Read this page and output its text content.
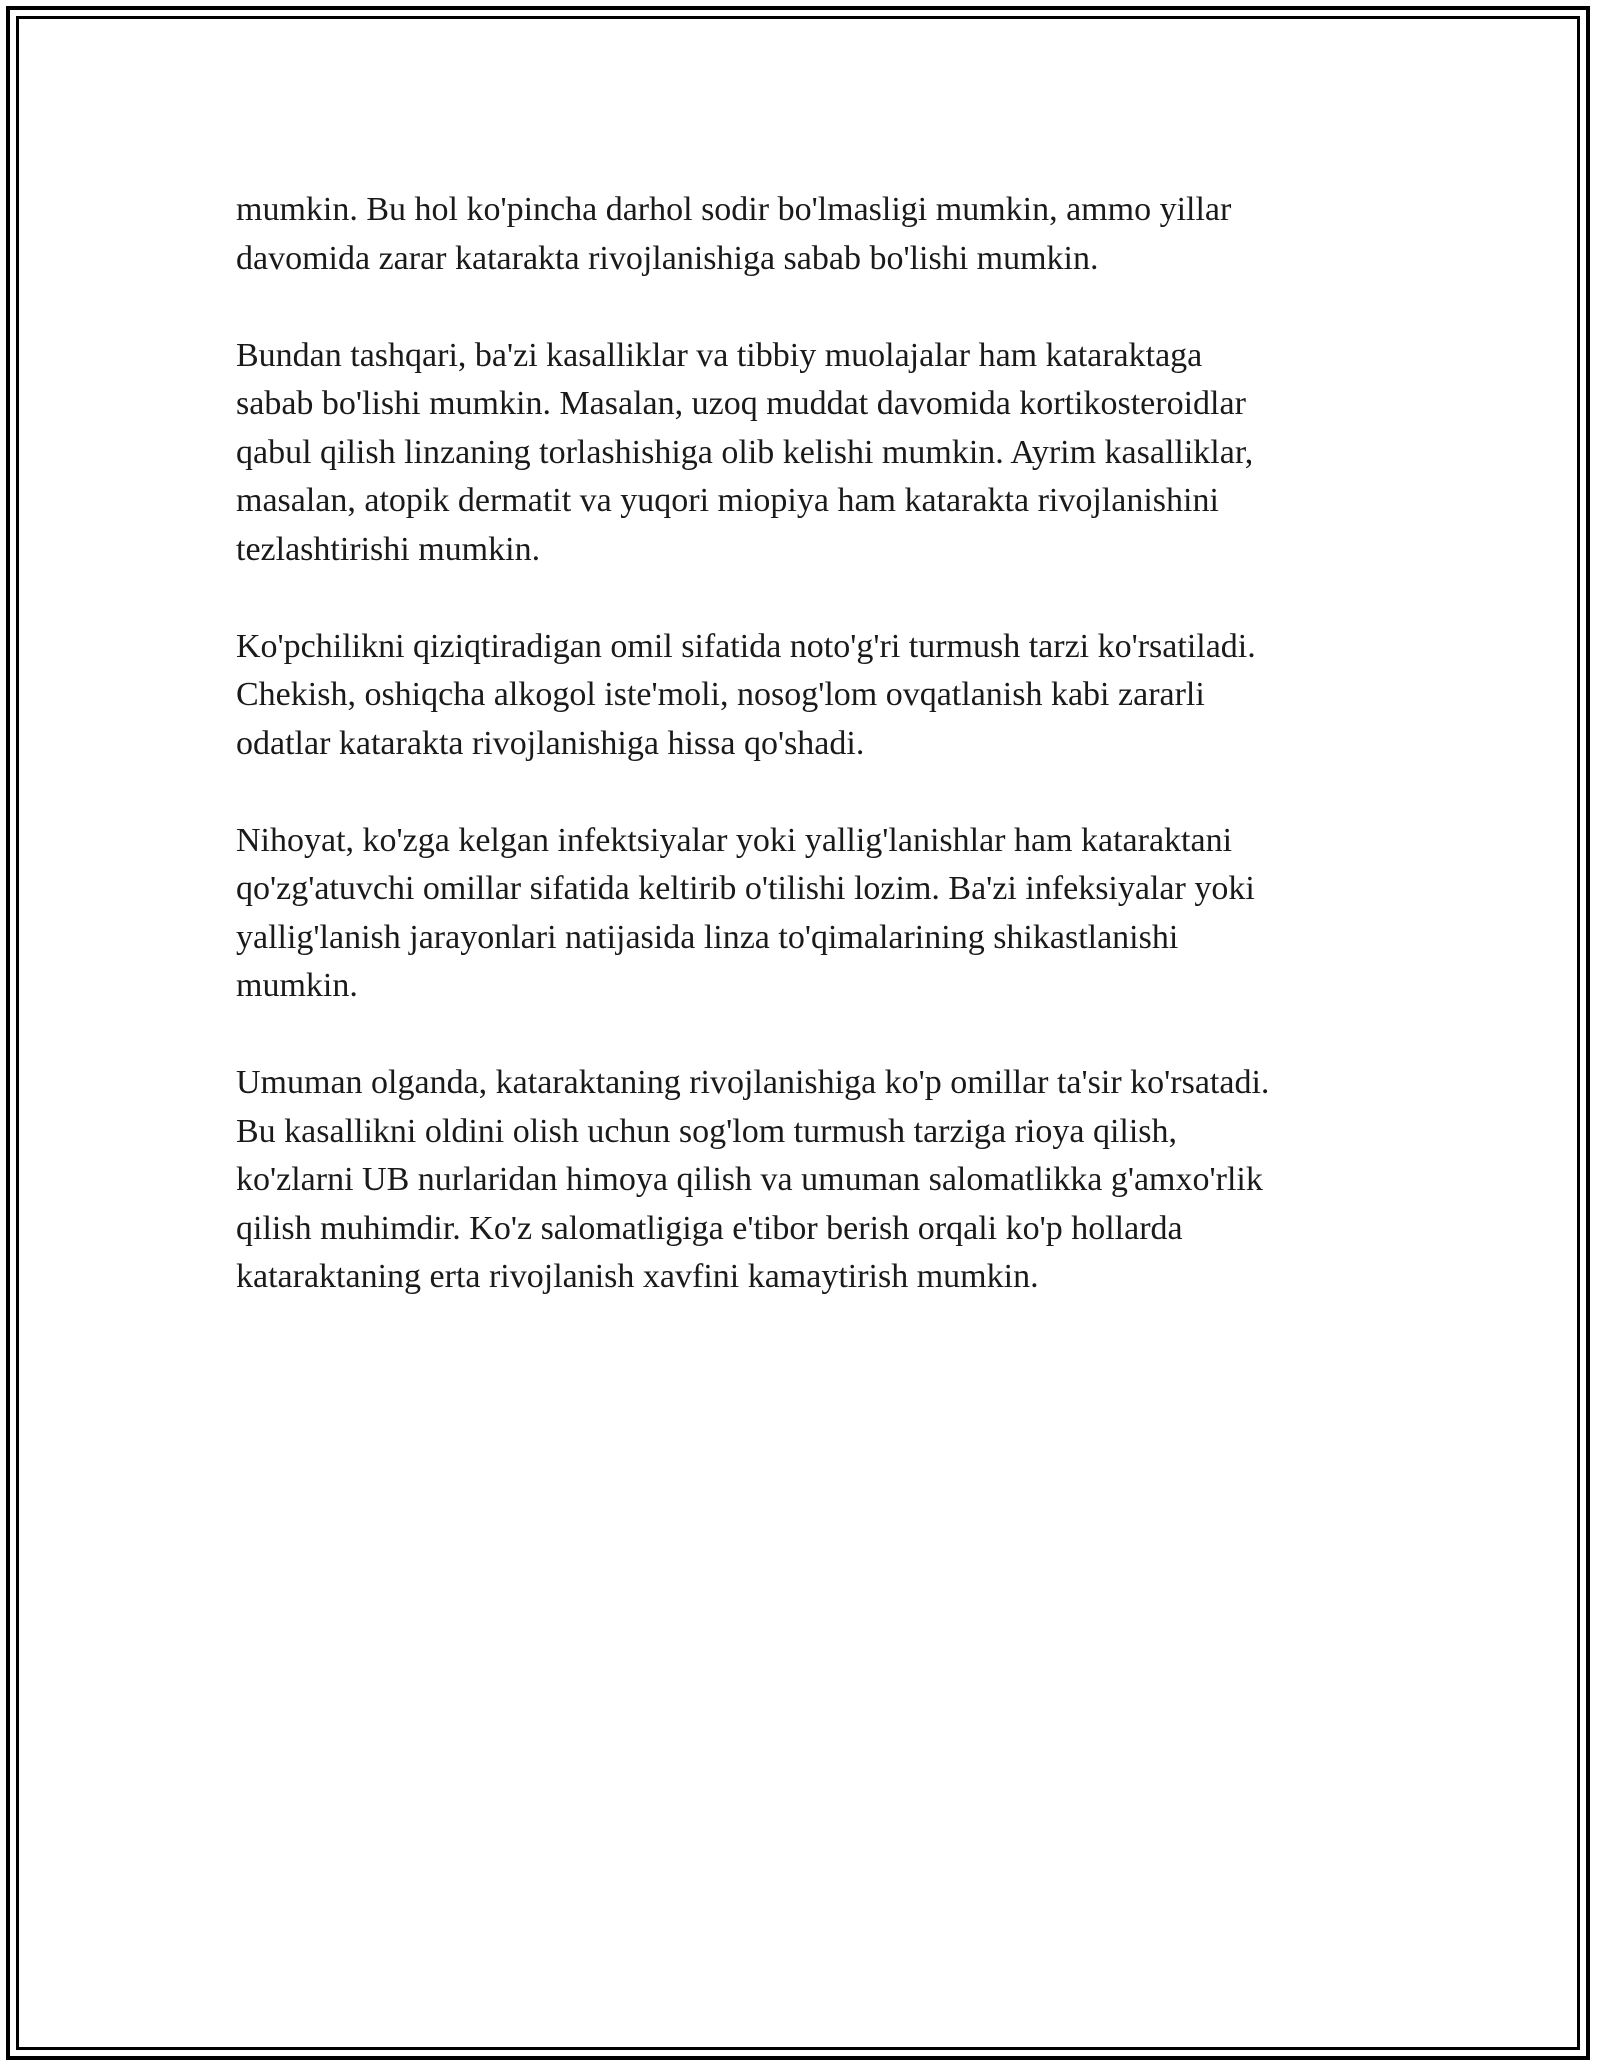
mumkin. Bu hol ko'pincha darhol sodir bo'lmasligi mumkin, ammo yillar
davomida zarar katarakta rivojlanishiga sabab bo'lishi mumkin.

Bundan tashqari, ba'zi kasalliklar va tibbiy muolajalar ham kataraktaga
sabab bo'lishi mumkin. Masalan, uzoq muddat davomida kortikosteroidlar
qabul qilish linzaning torlashishiga olib kelishi mumkin. Ayrim kasalliklar,
masalan, atopik dermatit va yuqori miopiya ham katarakta rivojlanishini
tezlashtirishi mumkin.

Ko'pchilikni qiziqtiradigan omil sifatida noto'g'ri turmush tarzi ko'rsatiladi.
Chekish, oshiqcha alkogol iste'moli, nosog'lom ovqatlanish kabi zararli
odatlar katarakta rivojlanishiga hissa qo'shadi.

Nihoyat, ko'zga kelgan infektsiyalar yoki yallig'lanishlar ham kataraktani
qo'zg'atuvchi omillar sifatida keltirib o'tilishi lozim. Ba'zi infeksiyalar yoki
yallig'lanish jarayonlari natijasida linza to'qimalarining shikastlanishi
mumkin.

Umuman olganda, kataraktaning rivojlanishiga ko'p omillar ta'sir ko'rsatadi.
Bu kasallikni oldini olish uchun sog'lom turmush tarziga rioya qilish,
ko'zlarni UB nurlaridan himoya qilish va umuman salomatlikka g'amxo'rlik
qilish muhimdir. Ko'z salomatligiga e'tibor berish orqali ko'p hollarda
kataraktaning erta rivojlanish xavfini kamaytirish mumkin.
